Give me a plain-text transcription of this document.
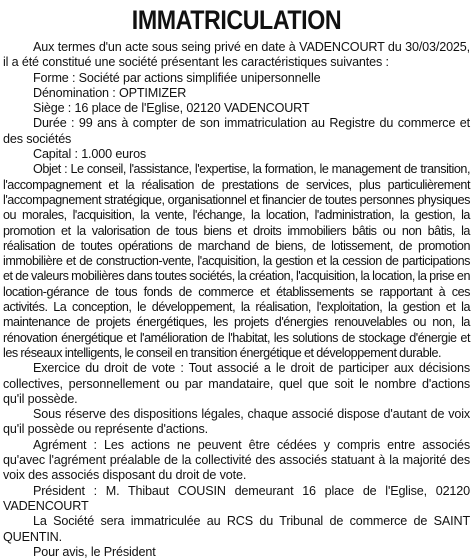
IMMATRICULATION

Aux termes d'un acte sous seing privé en date à VADENCOURT du 30/03/2025, il a été constitué une société présentant les caractéristiques suivantes :

Forme : Société par actions simplifiée unipersonnelle

Dénomination : OPTIMIZER

Siège : 16 place de l'Eglise, 02120 VADENCOURT

Durée : 99 ans à compter de son immatriculation au Registre du commerce et des sociétés

Capital : 1.000 euros

Objet : Le conseil, l'assistance, l'expertise, la formation, le management de transition, l'accompagnement et la réalisation de prestations de services, plus particulièrement l'accompagnement stratégique, organisationnel et financier de toutes personnes physiques ou morales, l'acquisition, la vente, l'échange, la location, l'administration, la gestion, la promotion et la valorisation de tous biens et droits immobiliers bâtis ou non bâtis, la réalisation de toutes opérations de marchand de biens, de lotissement, de promotion immobilière et de construction-vente, l'acquisition, la gestion et la cession de participations et de valeurs mobilières dans toutes sociétés, la création, l'acquisition, la location, la prise en location-gérance de tous fonds de commerce et établissements se rapportant à ces activités. La conception, le développement, la réalisation, l'exploitation, la gestion et la maintenance de projets énergétiques, les projets d'énergies renouvelables ou non, la rénovation énergétique et l'amélioration de l'habitat, les solutions de stockage d'énergie et les réseaux intelligents, le conseil en transition énergétique et développement durable.

Exercice du droit de vote : Tout associé a le droit de participer aux décisions collectives, personnellement ou par mandataire, quel que soit le nombre d'actions qu'il possède.

Sous réserve des dispositions légales, chaque associé dispose d'autant de voix qu'il possède ou représente d'actions.

Agrément : Les actions ne peuvent être cédées y compris entre associés qu'avec l'agrément préalable de la collectivité des associés statuant à la majorité des voix des associés disposant du droit de vote.

Président : M. Thibaut COUSIN demeurant 16 place de l'Eglise, 02120 VADENCOURT

La Société sera immatriculée au RCS du Tribunal de commerce de SAINT QUENTIN.

Pour avis, le Président
